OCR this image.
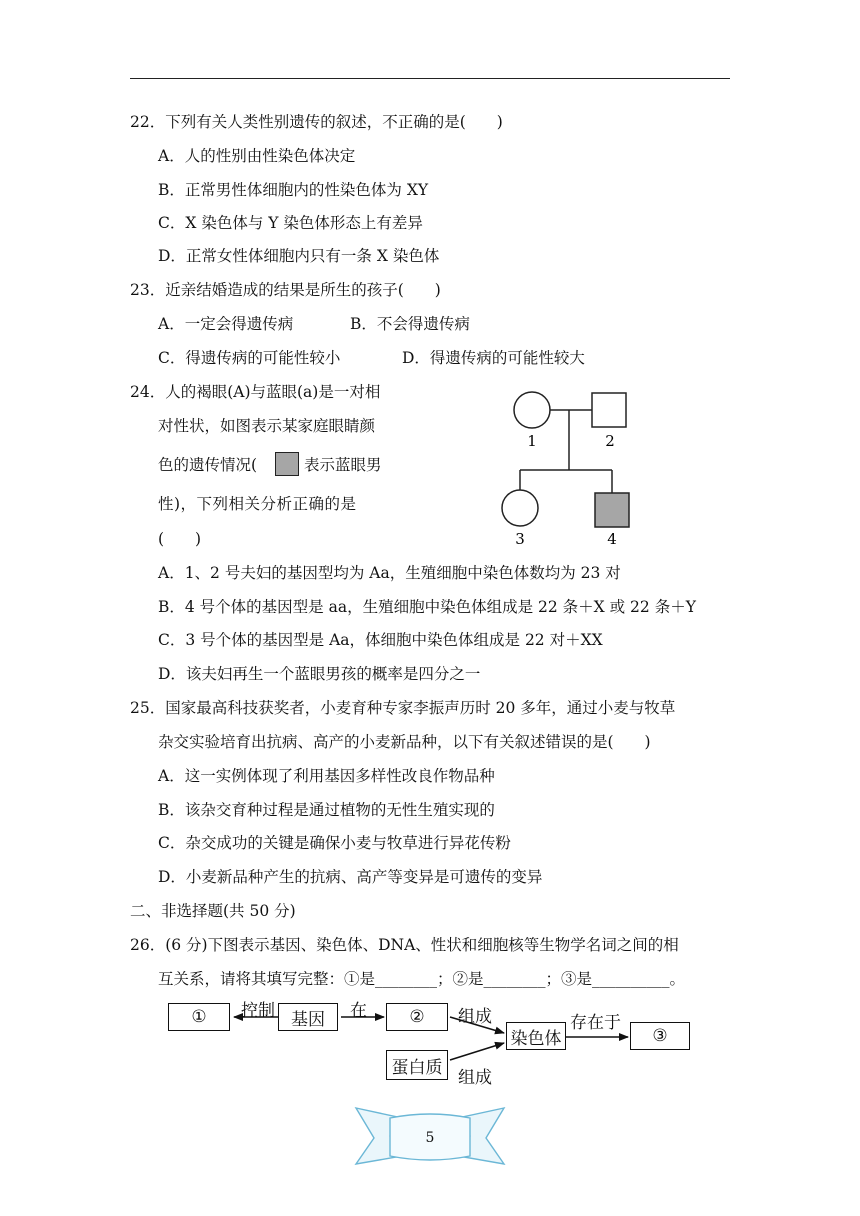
22．下列有关人类性别遗传的叙述，不正确的是(　　)
A．人的性别由性染色体决定
B．正常男性体细胞内的性染色体为 XY
C．X 染色体与 Y 染色体形态上有差异
D．正常女性体细胞内只有一条 X 染色体
23．近亲结婚造成的结果是所生的孩子(　　)
A．一定会得遗传病	B．不会得遗传病
C．得遗传病的可能性较小	D．得遗传病的可能性较大
24．人的褐眼(A)与蓝眼(a)是一对相
对性状，如图表示某家庭眼睛颜
色的遗传情况(	表示蓝眼男
性)，下列相关分析正确的是
(　　)
1	2
3	4
A．1、2 号夫妇的基因型均为 Aa，生殖细胞中染色体数均为 23 对
B．4 号个体的基因型是 aa，生殖细胞中染色体组成是 22 条＋X 或 22 条＋Y
C．3 号个体的基因型是 Aa，体细胞中染色体组成是 22 对＋XX
D．该夫妇再生一个蓝眼男孩的概率是四分之一
25．国家最高科技获奖者，小麦育种专家李振声历时 20 多年，通过小麦与牧草
杂交实验培育出抗病、高产的小麦新品种，以下有关叙述错误的是(　　)
A．这一实例体现了利用基因多样性改良作物品种
B．该杂交育种过程是通过植物的无性生殖实现的
C．杂交成功的关键是确保小麦与牧草进行异花传粉
D．小麦新品种产生的抗病、高产等变异是可遗传的变异
二、非选择题(共 50 分)
26．(6 分)下图表示基因、染色体、DNA、性状和细胞核等生物学名词之间的相
互关系，请将其填写完整：①是________；②是________；③是__________。
①	基因	②
染色体	③
蛋白质
控制	在	组成	存在于
组成
5
